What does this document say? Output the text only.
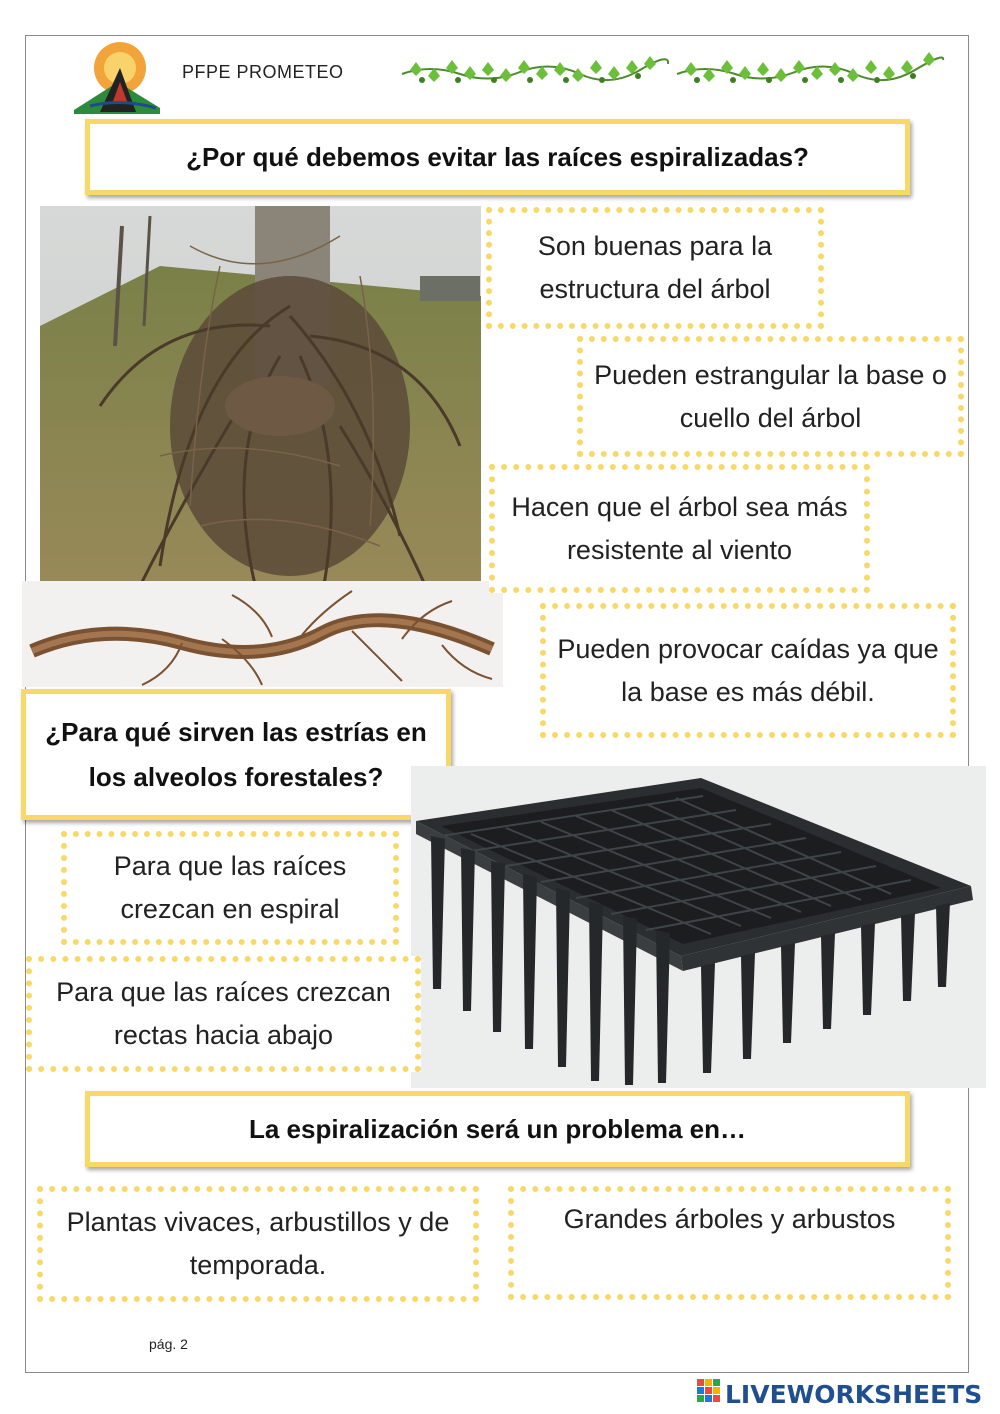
PFPE PROMETEO
¿Por qué debemos evitar las raíces espiralizadas?
Son buenas para la estructura del árbol
Pueden estrangular la base o cuello del árbol
Hacen que el árbol sea más resistente al viento
Pueden provocar caídas ya que la base es más débil.
¿Para qué sirven las estrías en los alveolos forestales?
Para que las raíces crezcan en espiral
Para que las raíces crezcan rectas hacia abajo
La espiralización será un problema en…
Plantas vivaces, arbustillos y de temporada.
Grandes árboles y arbustos
pág. 2
LIVEWORKSHEETS
